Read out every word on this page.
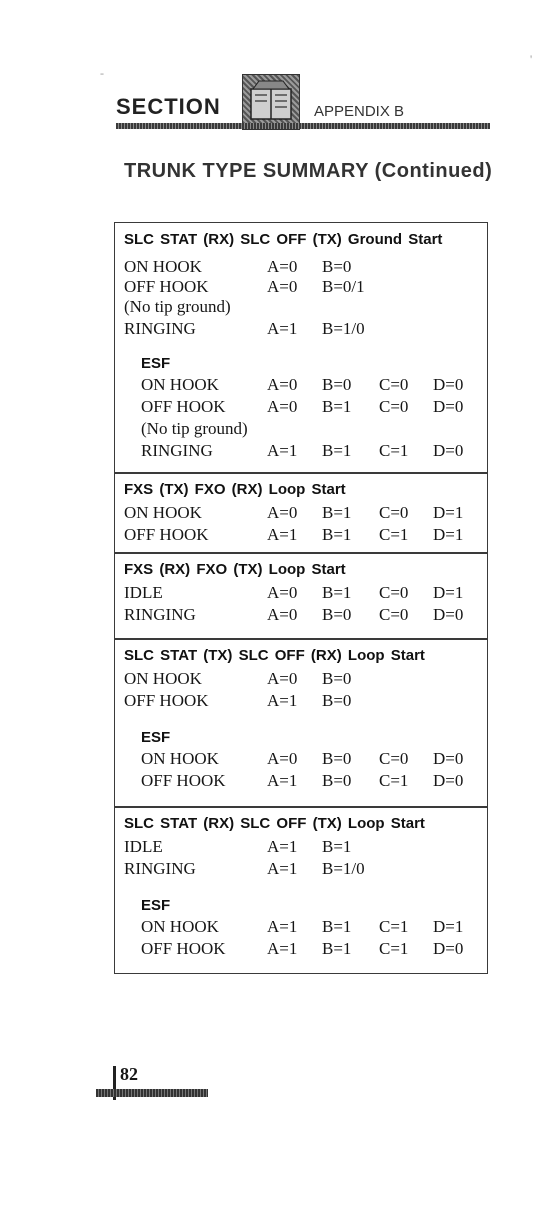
SECTION	APPENDIX B
TRUNK TYPE SUMMARY (Continued)
SLC STAT (RX) SLC OFF (TX) Ground Start
ON HOOK	A=0 B=0
OFF HOOK	A=0 B=0/1
(No tip ground)
RINGING	A=1 B=1/0
ESF
ON HOOK	A=0 B=0 C=0 D=0
OFF HOOK A=0 B=1 C=0 D=0
(No tip ground)
RINGING	A=1 B=1 C=1 D=0
FXS (TX) FXO (RX) Loop Start
ON HOOK	A=0 B=1 C=0 D=1
OFF HOOK	A=1 B=1 C=1 D=1
FXS (RX) FXO (TX) Loop Start
IDLE	A=0 B=1 C=0 D=1
RINGING	A=0 B=0 C=0 D=0
SLC STAT (TX) SLC OFF (RX) Loop Start
ON HOOK	A=0 B=0
OFF HOOK	A=1 B=0
ESF
ON HOOK	A=0 B=0 C=0 D=0
OFF HOOK A=1 B=0 C=1 D=0
SLC STAT (RX) SLC OFF (TX) Loop Start
IDLE	A=1 B=1
RINGING	A=1 B=1/0
ESF
ON HOOK	A=1 B=1 C=1 D=1
OFF HOOK A=1 B=1 C=1 D=0
82
'
-
